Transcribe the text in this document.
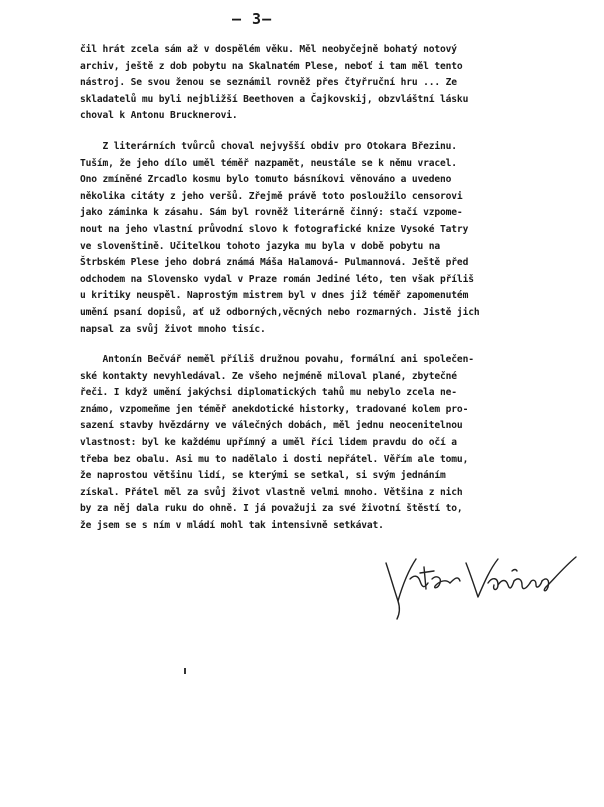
— 3—
čil hrát zcela sám až v dospělém věku. Měl neobyčejně bohatý notový
archiv, ještě z dob pobytu na Skalnatém Plese, neboť i tam měl tento
nástroj. Se svou ženou se seznámil rovněž přes čtyřruční hru ... Ze
skladatelů mu byli nejbližší Beethoven a Čajkovskij, obzvláštní lásku
choval k Antonu Brucknerovi.
Z literárních tvůrců choval nejvyšší obdiv pro Otokara Březinu.
Tuším, že jeho dílo uměl téměř nazpamět, neustále se k němu vracel.
Ono zmíněné Zrcadlo kosmu bylo tomuto básníkovi věnováno a uvedeno
několika citáty z jeho veršů. Zřejmě právě toto posloužilo censorovi
jako záminka k zásahu. Sám byl rovněž literárně činný: stačí vzpome-
nout na jeho vlastní průvodní slovo k fotografické knize Vysoké Tatry
ve slovenštině. Učitelkou tohoto jazyka mu byla v době pobytu na
Štrbském Plese jeho dobrá známá Máša Halamová- Pulmannová. Ještě před
odchodem na Slovensko vydal v Praze román Jediné léto, ten však příliš
u kritiky neuspěl. Naprostým mistrem byl v dnes již téměř zapomenutém
umění psaní dopisů, ať už odborných,věcných nebo rozmarných. Jistě jich
napsal za svůj život mnoho tisíc.
Antonín Bečvář neměl příliš družnou povahu, formální ani společen-
ské kontakty nevyhledával. Ze všeho nejméně miloval plané, zbytečné
řeči. I když umění jakýchsi diplomatických tahů mu nebylo zcela ne-
známo, vzpomeňme jen téměř anekdotické historky, tradované kolem pro-
sazení stavby hvězdárny ve válečných dobách, měl jednu neocenitelnou
vlastnost: byl ke každému upřímný a uměl říci lidem pravdu do očí a
třeba bez obalu. Asi mu to nadělalo i dosti nepřátel. Věřím ale tomu,
že naprostou většinu lidí, se kterými se setkal, si svým jednáním
získal. Přátel měl za svůj život vlastně velmi mnoho. Většina z nich
by za něj dala ruku do ohně. I já považuji za své životní štěstí to,
že jsem se s ním v mládí mohl tak intensivně setkávat.
